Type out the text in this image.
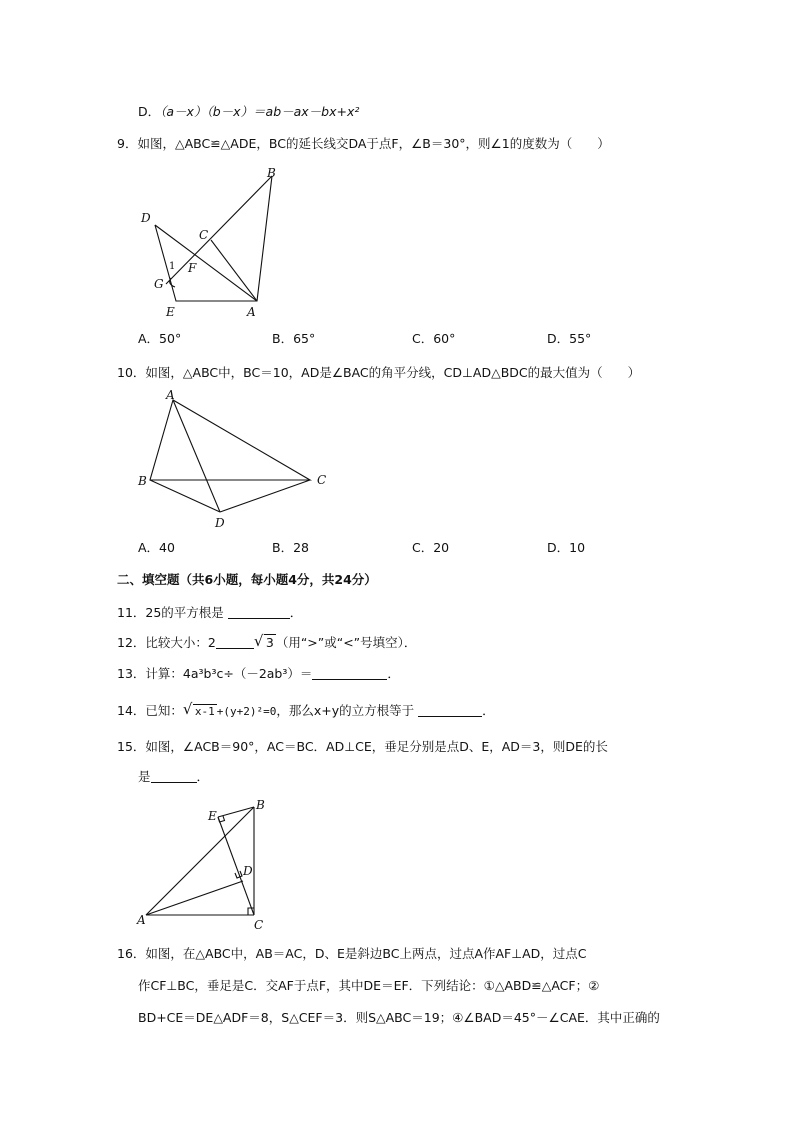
D．（a－x）（b－x）＝ab－ax－bx+x²
9．如图，△ABC≌△ADE，BC的延长线交DA于点F，∠B＝30°，则∠1的度数为（　　）
B
D
C
1 F
G
E	A
A．50°	B．65°	C．60°	D．55°
10．如图，△ABC中，BC＝10，AD是∠BAC的角平分线，CD⊥AD△BDC的最大值为（　　）
A
B	C
D
A．40	B．28	C．20	D．10
二、填空题（共6小题，每小题4分，共24分）
11．25的平方根是	．
12．比较大小：2	√ 3 （用“>”或“<”号填空）．
13．计算：4a³b³c÷（－2ab³）＝	．
14．已知： √ x-1 +(y+2)²=0，那么x+y的立方根等于	．
15．如图，∠ACB＝90°，AC＝BC．AD⊥CE，垂足分别是点D、E，AD＝3，则DE的长
是	．
E
B
D
A	C
16．如图，在△ABC中，AB＝AC，D、E是斜边BC上两点，过点A作AF⊥AD，过点C
作CF⊥BC，垂足是C．交AF于点F，其中DE＝EF．下列结论：①△ABD≌△ACF；②
BD+CE＝DE△ADF＝8，S△CEF＝3．则S△ABC＝19；④∠BAD＝45°－∠CAE．其中正确的
